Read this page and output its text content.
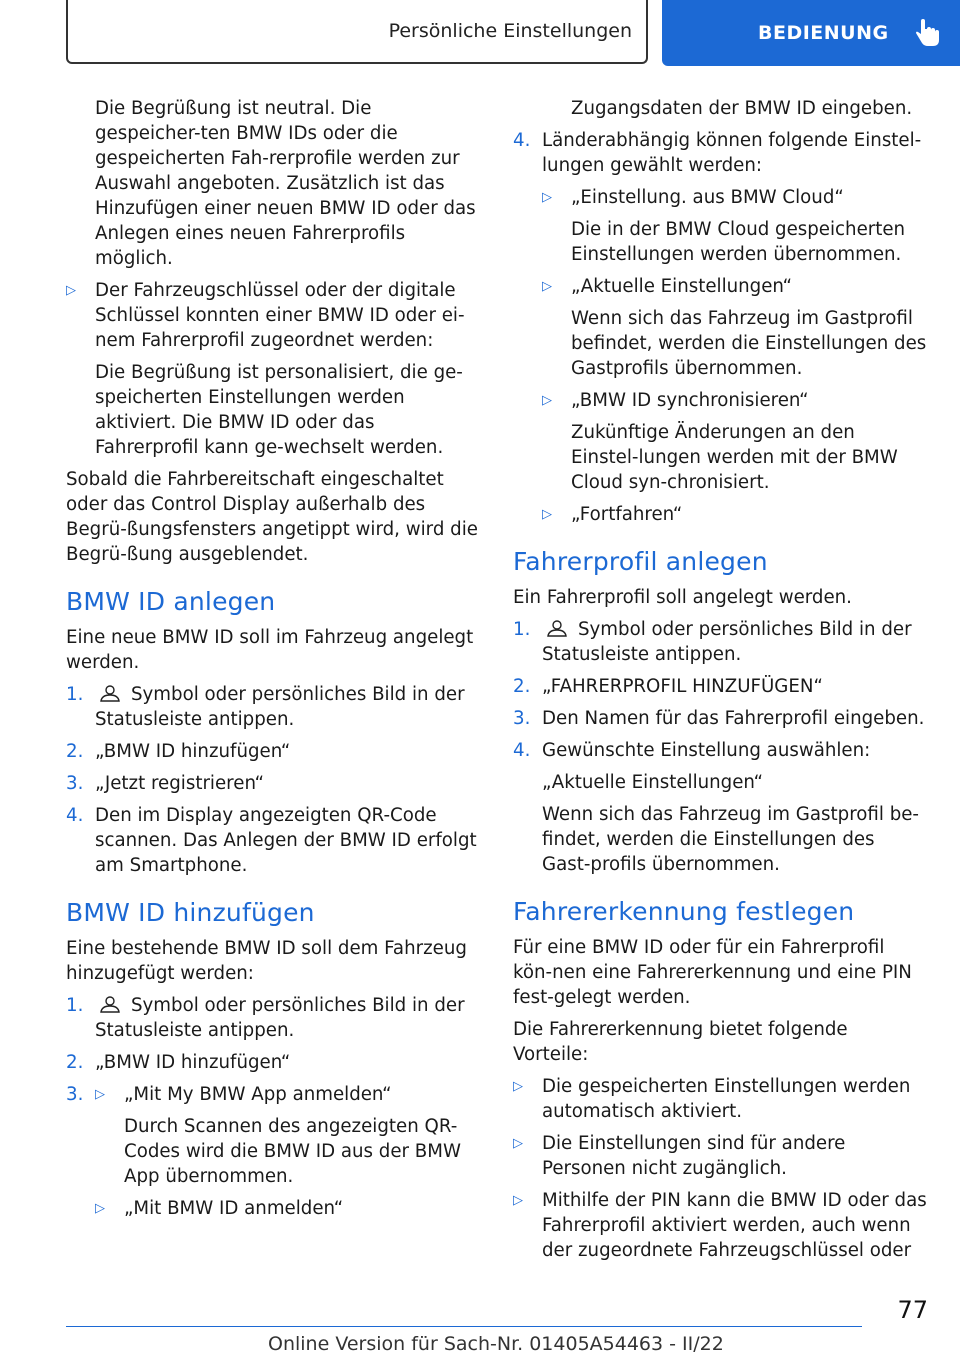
Persönliche Einstellungen	BEDIENUNG

Die Begrüßung ist neutral. Die gespeicher-ten BMW IDs oder die gespeicherten Fah-rerprofile werden zur Auswahl angeboten. Zusätzlich ist das Hinzufügen einer neuen BMW ID oder das Anlegen eines neuen Fahrerprofils möglich.

▷	Der Fahrzeugschlüssel oder der digitale Schlüssel konnten einer BMW ID oder ei-nem Fahrerprofil zugeordnet werden:

Die Begrüßung ist personalisiert, die ge-speicherten Einstellungen werden aktiviert. Die BMW ID oder das Fahrerprofil kann ge-wechselt werden.

Sobald die Fahrbereitschaft eingeschaltet oder das Control Display außerhalb des Begrü-ßungsfensters angetippt wird, wird die Begrü-ßung ausgeblendet.

BMW ID anlegen

Eine neue BMW ID soll im Fahrzeug angelegt werden.

1.	Symbol oder persönliches Bild in der Statusleiste antippen.
2. „BMW ID hinzufügen“
3. „Jetzt registrieren“
4. Den im Display angezeigten QR-Code scannen. Das Anlegen der BMW ID erfolgt am Smartphone.
BMW ID hinzufügen

Eine bestehende BMW ID soll dem Fahrzeug hinzugefügt werden:

1.	Symbol oder persönliches Bild in der Statusleiste antippen.
2. „BMW ID hinzufügen“
3. ▷	„Mit My BMW App anmelden“

Durch Scannen des angezeigten QR-Codes wird die BMW ID aus der BMW App übernommen.

▷	„Mit BMW ID anmelden“

Zugangsdaten der BMW ID eingeben.

4. Länderabhängig können folgende Einstel-lungen gewählt werden:
▷	„Einstellung. aus BMW Cloud“

Die in der BMW Cloud gespeicherten Einstellungen werden übernommen.

▷	„Aktuelle Einstellungen“

Wenn sich das Fahrzeug im Gastprofil befindet, werden die Einstellungen des Gastprofils übernommen.

▷	„BMW ID synchronisieren“

Zukünftige Änderungen an den Einstel-lungen werden mit der BMW Cloud syn-chronisiert.

▷	„Fortfahren“
Fahrerprofil anlegen

Ein Fahrerprofil soll angelegt werden.

1.	Symbol oder persönliches Bild in der Statusleiste antippen.
2. „FAHRERPROFIL HINZUFÜGEN“
3. Den Namen für das Fahrerprofil eingeben.
4. Gewünschte Einstellung auswählen:

„Aktuelle Einstellungen“

Wenn sich das Fahrzeug im Gastprofil be-findet, werden die Einstellungen des Gast-profils übernommen.

Fahrererkennung festlegen

Für eine BMW ID oder für ein Fahrerprofil kön-nen eine Fahrererkennung und eine PIN fest-gelegt werden.

Die Fahrererkennung bietet folgende Vorteile:

▷	Die gespeicherten Einstellungen werden automatisch aktiviert.
▷	Die Einstellungen sind für andere Personen nicht zugänglich.
▷	Mithilfe der PIN kann die BMW ID oder das Fahrerprofil aktiviert werden, auch wenn der zugeordnete Fahrzeugschlüssel oder
77
Online Version für Sach-Nr. 01405A54463 - II/22
